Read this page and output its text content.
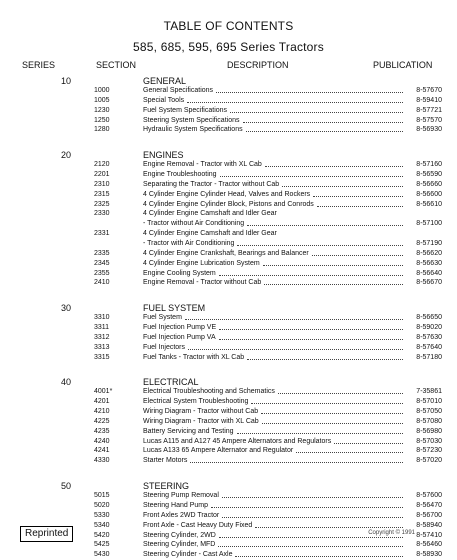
TABLE OF CONTENTS
585, 685, 595, 695 Series Tractors
SERIES	SECTION	DESCRIPTION	PUBLICATION
10	GENERAL
1000	General Specifications	8-57670
1005	Special Tools	8-59410
1230	Fuel System Specifications	8-57721
1250	Steering System Specifications	8-57570
1280	Hydraulic System Specifications	8-56930
20	ENGINES
2120	Engine Removal - Tractor with XL Cab	8-57160
2201	Engine Troubleshooting	8-56590
2310	Separating the Tractor - Tractor without Cab	8-56660
2315	4 Cylinder Engine Cylinder Head, Valves and Rockers	8-56600
2325	4 Cylinder Engine Cylinder Block, Pistons and Conrods	8-56610
2330	4 Cylinder Engine Camshaft and Idler Gear
- Tractor without Air Conditioning	8-57100
2331	4 Cylinder Engine Camshaft and Idler Gear
- Tractor with Air Conditioning	8-57190
2335	4 Cylinder Engine Crankshaft, Bearings and Balancer	8-56620
2345	4 Cylinder Engine Lubrication System	8-56630
2355	Engine Cooling System	8-56640
2410	Engine Removal - Tractor without Cab	8-56670
30	FUEL SYSTEM
3310	Fuel System	8-56650
3311	Fuel Injection Pump VE	8-59020
3312	Fuel Injection Pump VA	8-57630
3313	Fuel Injectors	8-57640
3315	Fuel Tanks - Tractor with XL Cab	8-57180
40	ELECTRICAL
4001*	Electrical Troubleshooting and Schematics	7-35861
4201	Electrical System Troubleshooting	8-57010
4210	Wiring Diagram - Tractor without Cab	8-57050
4225	Wiring Diagram - Tractor with XL Cab	8-57080
4235	Battery Servicing and Testing	8-56980
4240	Lucas A115 and A127 45 Ampere Alternators and Regulators	8-57030
4241	Lucas A133 65 Ampere Alternator and Regulator	8-57230
4330	Starter Motors	8-57020
50	STEERING
5015	Steering Pump Removal	8-57600
5020	Steering Hand Pump	8-56470
5330	Front Axles 2WD Tractor	8-56700
5340	Front Axle - Cast Heavy Duty Fixed	8-58940
5420	Steering Cylinder, 2WD	8-57410
5425	Steering Cylinder, MFD	8-56460
5430	Steering Cylinder - Cast Axle	8-58930
Reprinted	Copyright © 1991
